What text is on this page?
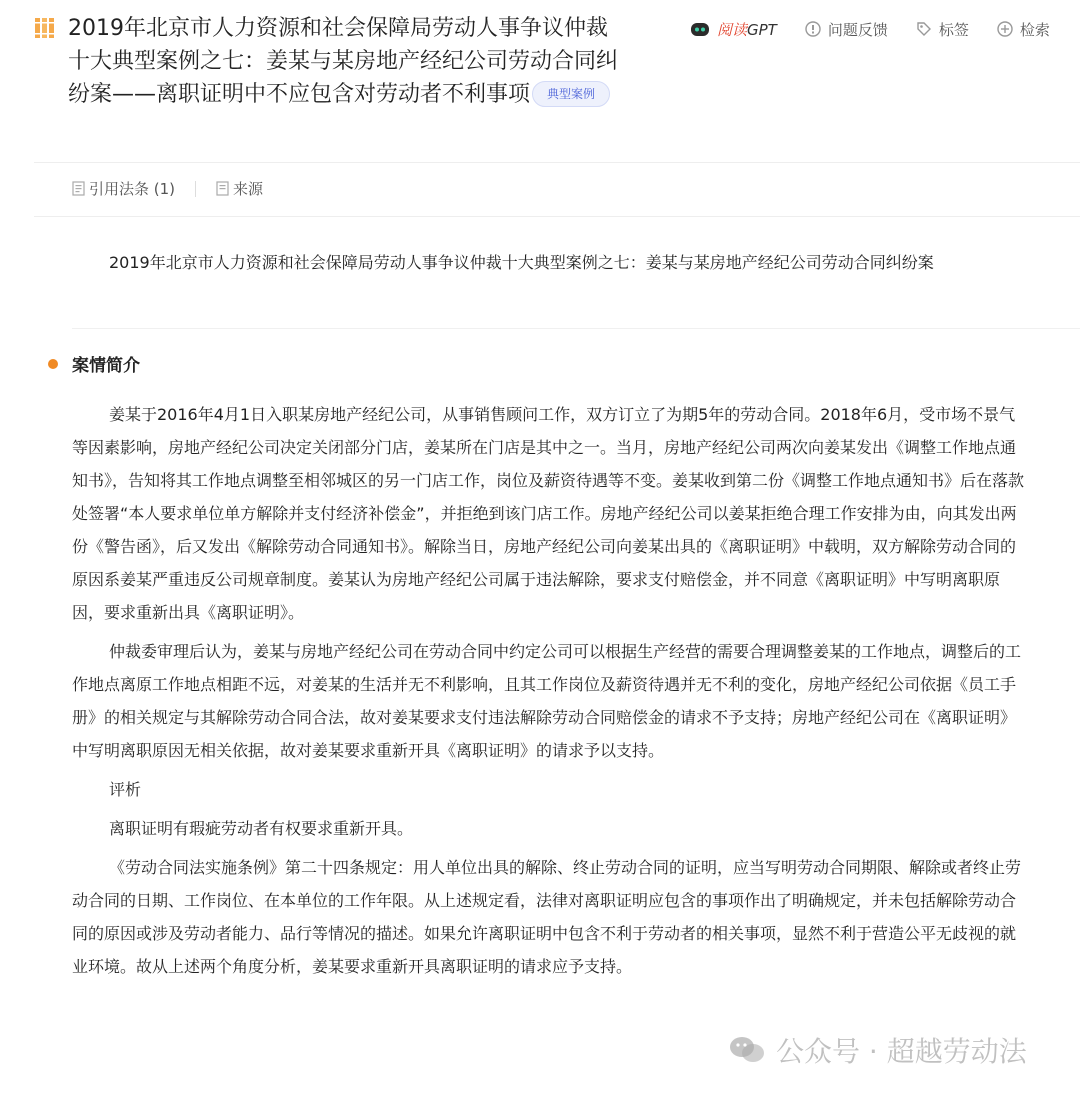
2019年北京市人力资源和社会保障局劳动人事争议仲裁十大典型案例之七：姜某与某房地产经纪公司劳动合同纠纷案——离职证明中不应包含对劳动者不利事项 典型案例
阅读GPT	问题反馈	标签	检索
引用法条 (1)	来源

2019年北京市人力资源和社会保障局劳动人事争议仲裁十大典型案例之七：姜某与某房地产经纪公司劳动合同纠纷案

案情简介

姜某于2016年4月1日入职某房地产经纪公司，从事销售顾问工作，双方订立了为期5年的劳动合同。2018年6月，受市场不景气等因素影响，房地产经纪公司决定关闭部分门店，姜某所在门店是其中之一。当月，房地产经纪公司两次向姜某发出《调整工作地点通知书》，告知将其工作地点调整至相邻城区的另一门店工作，岗位及薪资待遇等不变。姜某收到第二份《调整工作地点通知书》后在落款处签署“本人要求单位单方解除并支付经济补偿金”，并拒绝到该门店工作。房地产经纪公司以姜某拒绝合理工作安排为由，向其发出两份《警告函》，后又发出《解除劳动合同通知书》。解除当日，房地产经纪公司向姜某出具的《离职证明》中载明，双方解除劳动合同的原因系姜某严重违反公司规章制度。姜某认为房地产经纪公司属于违法解除，要求支付赔偿金，并不同意《离职证明》中写明离职原因，要求重新出具《离职证明》。

仲裁委审理后认为，姜某与房地产经纪公司在劳动合同中约定公司可以根据生产经营的需要合理调整姜某的工作地点，调整后的工作地点离原工作地点相距不远，对姜某的生活并无不利影响，且其工作岗位及薪资待遇并无不利的变化，房地产经纪公司依据《员工手册》的相关规定与其解除劳动合同合法，故对姜某要求支付违法解除劳动合同赔偿金的请求不予支持；房地产经纪公司在《离职证明》中写明离职原因无相关依据，故对姜某要求重新开具《离职证明》的请求予以支持。

评析

离职证明有瑕疵劳动者有权要求重新开具。

《劳动合同法实施条例》第二十四条规定：用人单位出具的解除、终止劳动合同的证明，应当写明劳动合同期限、解除或者终止劳动合同的日期、工作岗位、在本单位的工作年限。从上述规定看，法律对离职证明应包含的事项作出了明确规定，并未包括解除劳动合同的原因或涉及劳动者能力、品行等情况的描述。如果允许离职证明中包含不利于劳动者的相关事项，显然不利于营造公平无歧视的就业环境。故从上述两个角度分析，姜某要求重新开具离职证明的请求应予支持。

公众号 · 超越劳动法
